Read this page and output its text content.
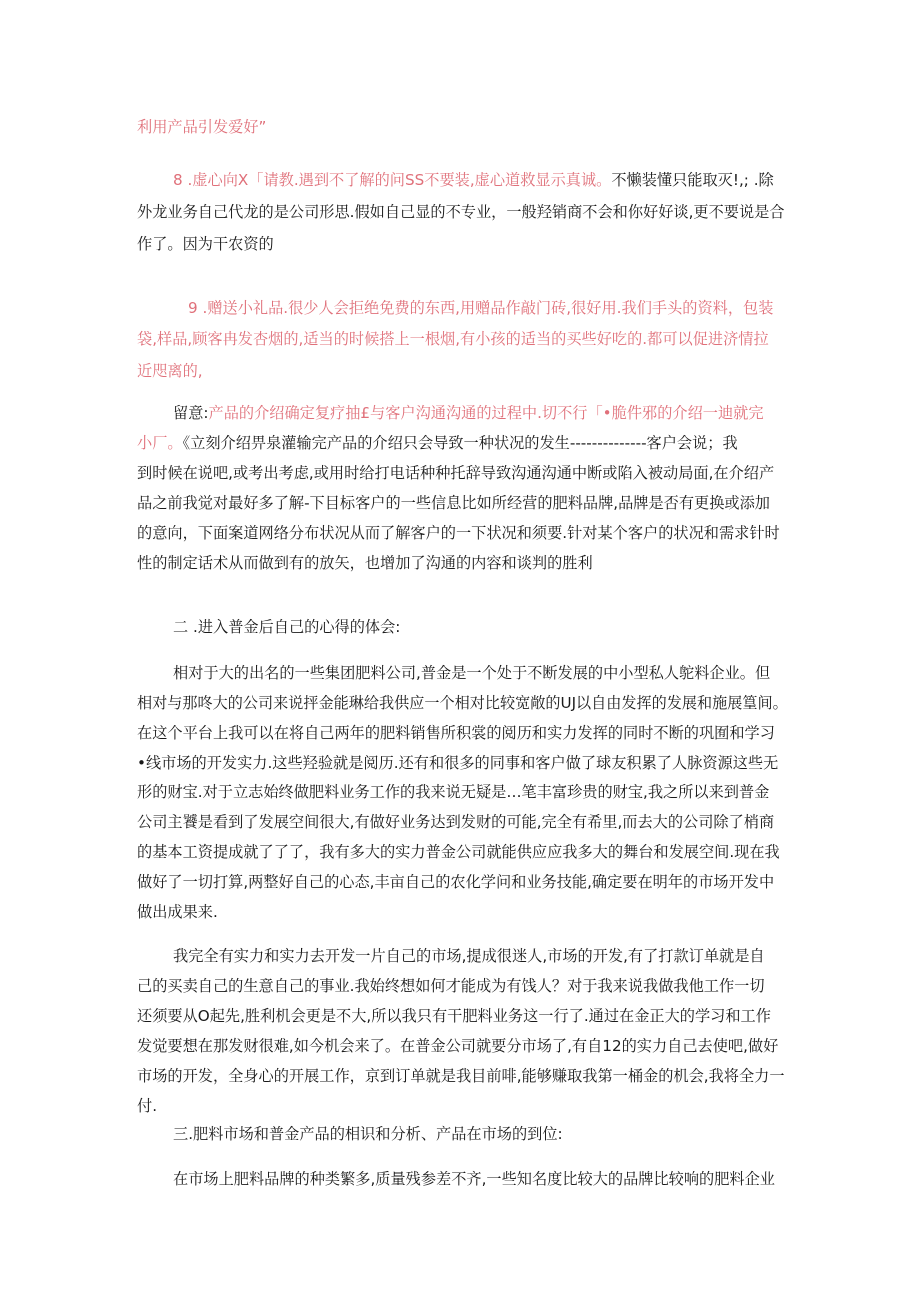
利用产品引发爱好”
8 .虚心向X「请教.遇到不了解的问SS不要装,虚心道救显示真诚。不懒装懂只能取灭!,; .除
外龙业务自己代龙的是公司形思.假如自己显的不专业，一般羟销商不会和你好好谈,更不要说是合
作了。因为干农资的
9 .赠送小礼品.很少人会拒绝免费的东西,用赠品作敲门砖,很好用.我们手头的资料，包装
袋,样品,顾客冉发杏烟的,适当的时候搭上一根烟,有小孩的适当的买些好吃的.都可以促进济情拉
近咫离的,
留意:产品的介绍确定复疗抽£与客户沟通沟通的过程中.切不行「•脆件邪的介绍一迪就完
小厂。《立刻介绍畀泉灌输完产品的介绍只会导致一种状况的发生--------------客户会说；我
到时候在说吧,或考出考虑,或用时给打电话种种托辞导致沟通沟通中断或陷入被动局面,在介绍产
品之前我觉对最好多了解-下目标客户的一些信息比如所经营的肥料品牌,品牌是否有更换或添加
的意向，下面案道网络分布状况从而了解客户的一下状况和须要.针对某个客户的状况和需求针时
性的制定话术从而做到有的放矢，也增加了沟通的内容和谈判的胜利
二 .进入普金后自己的心得的体会:
相对于大的出名的一些集团肥料公司,普金是一个处于不断发展的中小型私人鸵料企业。但
相对与那咚大的公司来说抨金能琳给我供应一个相对比较宽敞的UJ以自由发挥的发展和施展篁间。
在这个平台上我可以在将自己两年的肥料销售所积裳的阅历和实力发挥的同时不断的巩囿和学习
•线市场的开发实力.这些羟验就是阅历.还有和很多的同事和客户做了球友积累了人脉资源这些无
形的财宝.对于立志始终做肥料业务工作的我来说无疑是…笔丰富珍贵的财宝,我之所以来到普金
公司主饕是看到了发展空间很大,有做好业务达到发财的可能,完全有希里,而去大的公司除了梢商
的基本工资提成就了了了，我有多大的实力普金公司就能供应应我多大的舞台和发展空间.现在我
做好了一切打算,两整好自己的心态,丰亩自己的农化学问和业务技能,确定要在明年的市场开发中
做出成果来.
我完全有实力和实力去开发一片自己的市场,提成很迷人,市场的开发,有了打款订单就是自
己的买卖自己的生意自己的事业.我始终想如何才能成为有饯人？对于我来说我做我他工作一切
还须要从O起先,胜利机会更是不大,所以我只有干肥料业务这一行了.通过在金正大的学习和工作
发觉要想在那发财很难,如今机会来了。在普金公司就要分市场了,有自12的实力自己去使吧,做好
市场的开发，全身心的开展工作，京到订单就是我目前啡,能够赚取我第一桶金的机会,我将全力一
付.
三.肥料市场和普金产品的相识和分析、产品在市场的到位:
在市场上肥料品牌的种类繁多,质量残参差不齐,一些知名度比较大的品牌比较响的肥料企业
